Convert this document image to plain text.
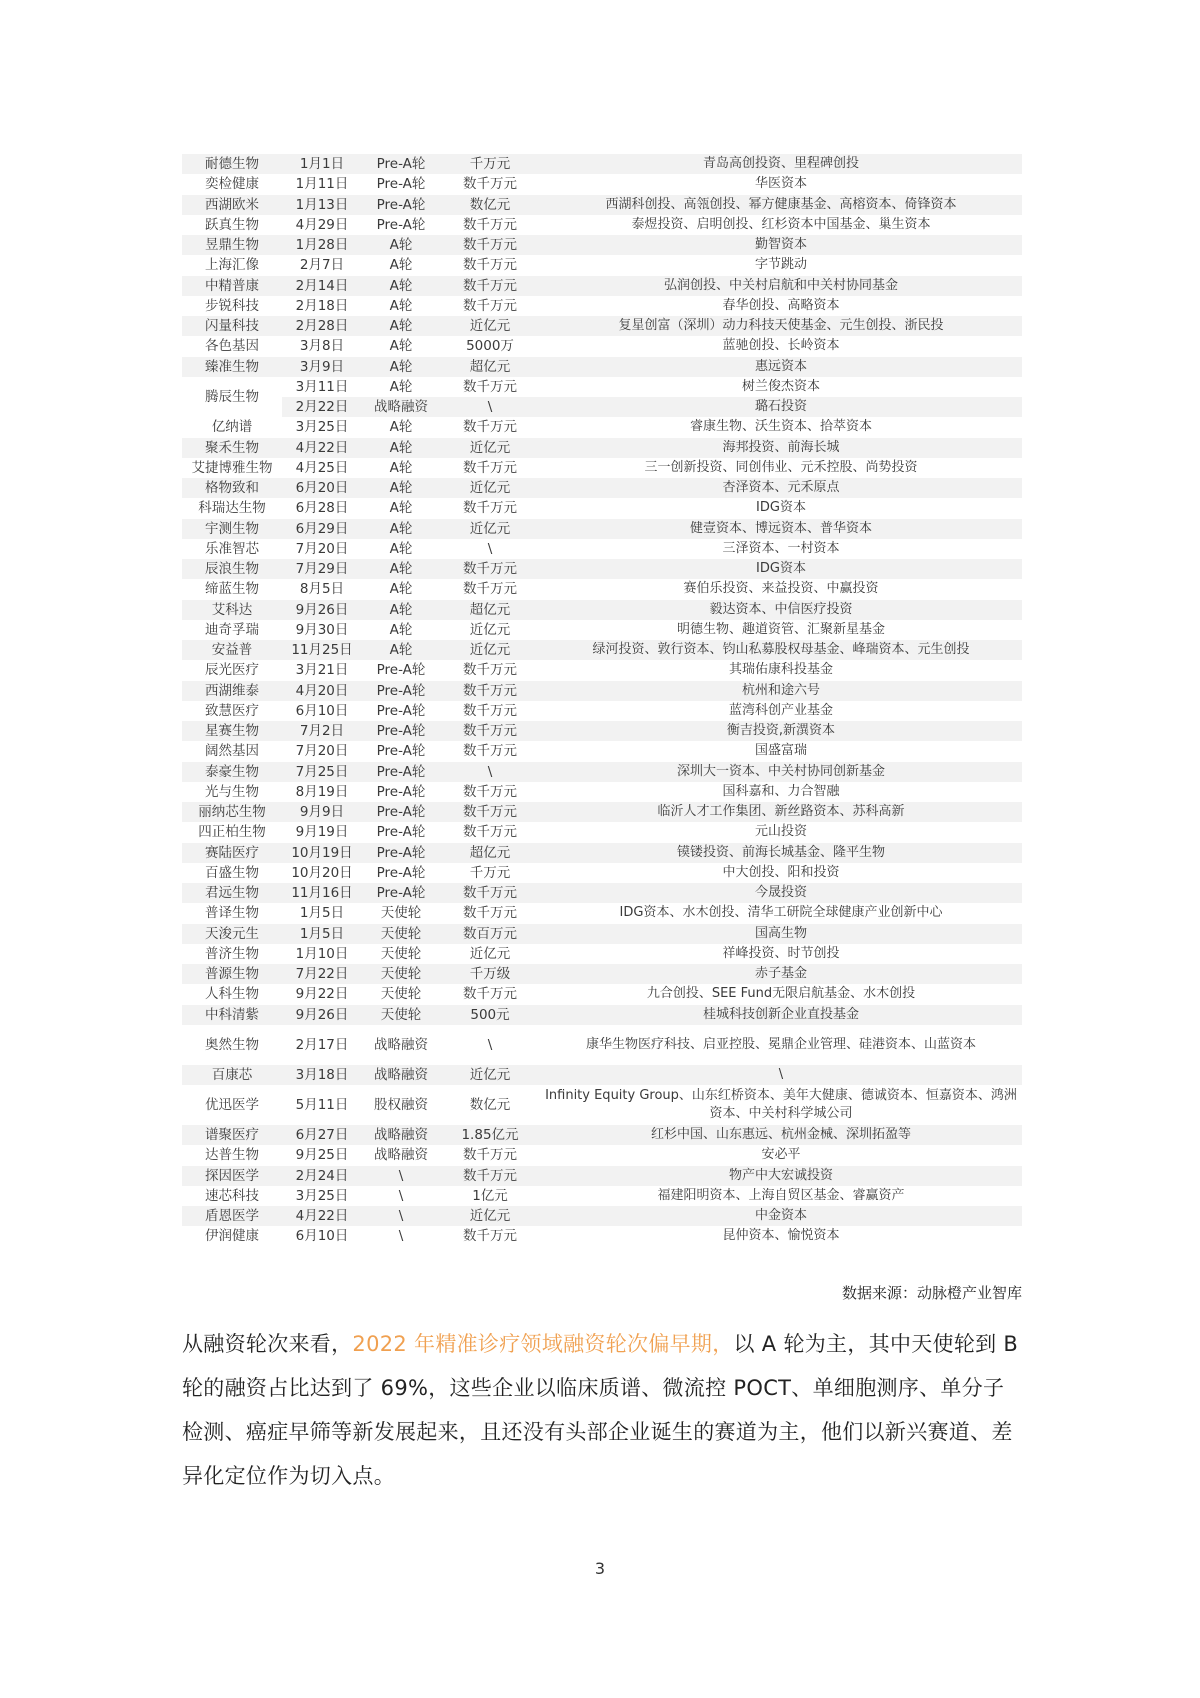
耐德生物	1月1日	Pre-A轮	千万元	青岛高创投资、里程碑创投
奕检健康	1月11日	Pre-A轮	数千万元	华医资本
西湖欧米	1月13日	Pre-A轮	数亿元	西湖科创投、高瓴创投、幂方健康基金、高榕资本、倚锋资本
跃真生物	4月29日	Pre-A轮	数千万元	泰煜投资、启明创投、红杉资本中国基金、巢生资本
昱鼎生物	1月28日	A轮	数千万元	勤智资本
上海汇像	2月7日	A轮	数千万元	字节跳动
中精普康	2月14日	A轮	数千万元	弘润创投、中关村启航和中关村协同基金
步锐科技	2月18日	A轮	数千万元	春华创投、高略资本
闪量科技	2月28日	A轮	近亿元	复星创富（深圳）动力科技天使基金、元生创投、浙民投
各色基因	3月8日	A轮	5000万	蓝驰创投、长岭资本
臻准生物	3月9日	A轮	超亿元	惠远资本
腾辰生物	3月11日	A轮	数千万元	树兰俊杰资本
	2月22日	战略融资	\	璐石投资
亿纳谱	3月25日	A轮	数千万元	睿康生物、沃生资本、拾萃资本
聚禾生物	4月22日	A轮	近亿元	海邦投资、前海长城
艾捷博雅生物	4月25日	A轮	数千万元	三一创新投资、同创伟业、元禾控股、尚势投资
格物致和	6月20日	A轮	近亿元	杏泽资本、元禾原点
科瑞达生物	6月28日	A轮	数千万元	IDG资本
宇测生物	6月29日	A轮	近亿元	健壹资本、博远资本、普华资本
乐准智芯	7月20日	A轮	\	三泽资本、一村资本
辰浪生物	7月29日	A轮	数千万元	IDG资本
缔蓝生物	8月5日	A轮	数千万元	赛伯乐投资、来益投资、中赢投资
艾科达	9月26日	A轮	超亿元	毅达资本、中信医疗投资
迪奇孚瑞	9月30日	A轮	近亿元	明德生物、趣道资管、汇聚新星基金
安益普	11月25日	A轮	近亿元	绿河投资、敦行资本、钧山私募股权母基金、峰瑞资本、元生创投
辰光医疗	3月21日	Pre-A轮	数千万元	其瑞佑康科投基金
西湖维泰	4月20日	Pre-A轮	数千万元	杭州和途六号
致慧医疗	6月10日	Pre-A轮	数千万元	蓝湾科创产业基金
星赛生物	7月2日	Pre-A轮	数千万元	衡吉投资,新潩资本
阔然基因	7月20日	Pre-A轮	数千万元	国盛富瑞
泰豪生物	7月25日	Pre-A轮	\	深圳大一资本、中关村协同创新基金
光与生物	8月19日	Pre-A轮	数千万元	国科嘉和、力合智融
丽纳芯生物	9月9日	Pre-A轮	数千万元	临沂人才工作集团、新丝路资本、苏科高新
四正柏生物	9月19日	Pre-A轮	数千万元	元山投资
赛陆医疗	10月19日	Pre-A轮	超亿元	镆镂投资、前海长城基金、隆平生物
百盛生物	10月20日	Pre-A轮	千万元	中大创投、阳和投资
君远生物	11月16日	Pre-A轮	数千万元	今晟投资
普译生物	1月5日	天使轮	数千万元	IDG资本、水木创投、清华工研院全球健康产业创新中心
天浚元生	1月5日	天使轮	数百万元	国高生物
普济生物	1月10日	天使轮	近亿元	祥峰投资、时节创投
普源生物	7月22日	天使轮	千万级	赤子基金
人科生物	9月22日	天使轮	数千万元	九合创投、SEE Fund无限启航基金、水木创投
中科清紫	9月26日	天使轮	500元	桂城科技创新企业直投基金
奥然生物	2月17日	战略融资	\	康华生物医疗科技、启亚控股、冕鼎企业管理、硅港资本、山蓝资本
百康芯	3月18日	战略融资	近亿元	\
优迅医学	5月11日	股权融资	数亿元	Infinity Equity Group、山东红桥资本、美年大健康、德诚资本、恒嘉资本、鸿洲资本、中关村科学城公司
谱聚医疗	6月27日	战略融资	1.85亿元	红杉中国、山东惠远、杭州金械、深圳拓盈等
达普生物	9月25日	战略融资	数千万元	安必平
探因医学	2月24日	\	数千万元	物产中大宏诚投资
速芯科技	3月25日	\	1亿元	福建阳明资本、上海自贸区基金、睿赢资产
盾恩医学	4月22日	\	近亿元	中金资本
伊润健康	6月10日	\	数千万元	昆仲资本、愉悦资本
数据来源：动脉橙产业智库

从融资轮次来看，2022 年精准诊疗领域融资轮次偏早期，以 A 轮为主，其中天使轮到 B 轮的融资占比达到了 69%，这些企业以临床质谱、微流控 POCT、单细胞测序、单分子检测、癌症早筛等新发展起来，且还没有头部企业诞生的赛道为主，他们以新兴赛道、差异化定位作为切入点。

3
